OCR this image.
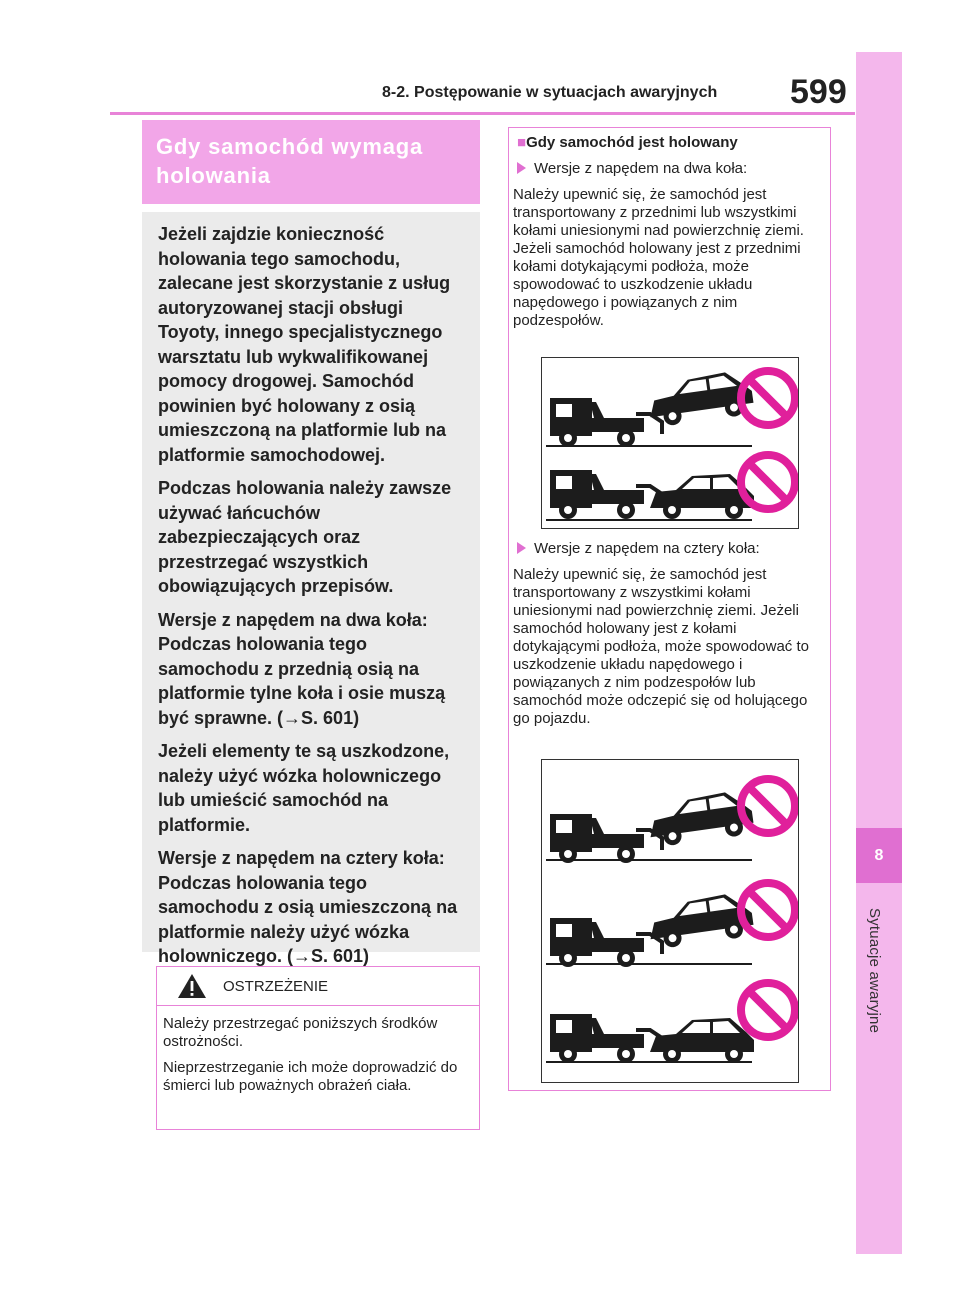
8-2. Postępowanie w sytuacjach awaryjnych 599
8
Sytuacje awaryjne
Gdy samochód wymaga
holowania

Jeżeli zajdzie konieczność holowania tego samochodu, zalecane jest skorzystanie z usług autoryzowanej stacji obsługi Toyoty, innego specjalistycznego warsztatu lub wykwalifikowanej pomocy drogowej. Samochód powinien być holowany z osią umieszczoną na platformie lub na platformie samochodowej.

Podczas holowania należy zawsze używać łańcuchów zabezpieczających oraz przestrzegać wszystkich obowiązujących przepisów.

Wersje z napędem na dwa koła: Podczas holowania tego samochodu z przednią osią na platformie tylne koła i osie muszą być sprawne. (→S. 601)

Jeżeli elementy te są uszkodzone, należy użyć wózka holowniczego lub umieścić samochód na platformie.

Wersje z napędem na cztery koła: Podczas holowania tego samochodu z osią umieszczoną na platformie należy użyć wózka holowniczego. (→S. 601)

OSTRZEŻENIE

Należy przestrzegać poniższych środków ostrożności.

Nieprzestrzeganie ich może doprowadzić do śmierci lub poważnych obrażeń ciała.

■Gdy samochód jest holowany
Wersje z napędem na dwa koła:

Należy upewnić się, że samochód jest transportowany z przednimi lub wszystkimi kołami uniesionymi nad powierzchnię ziemi. Jeżeli samochód holowany jest z przednimi kołami dotykającymi podłoża, może spowodować to uszkodzenie układu napędowego i powiązanych z nim podzespołów.

Wersje z napędem na cztery koła:

Należy upewnić się, że samochód jest transportowany z wszystkimi kołami uniesionymi nad powierzchnię ziemi. Jeżeli samochód holowany jest z kołami dotykającymi podłoża, może spowodować to uszkodzenie układu napędowego i powiązanych z nim podzespołów lub samochód może odczepić się od holującego go pojazdu.
